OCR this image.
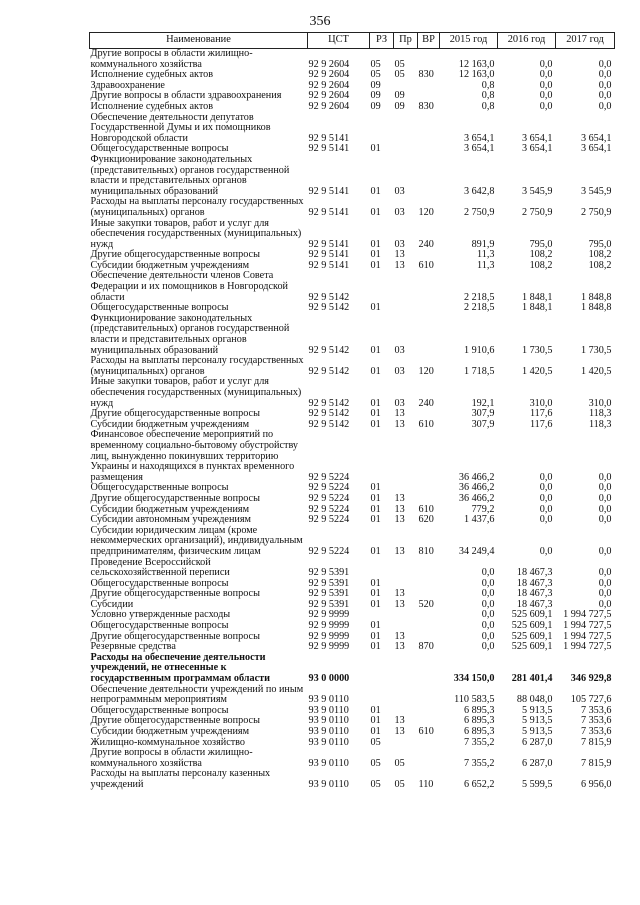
356
Наименование	ЦСТ	РЗ	Пр	ВР	2015 год	2016 год	2017 год
Другие вопросы в области жилищно-коммунального хозяйства	92 9 2604	05	05		12 163,0	0,0	0,0
Исполнение судебных актов	92 9 2604	05	05	830	12 163,0	0,0	0,0
Здравоохранение	92 9 2604	09			0,8	0,0	0,0
Другие вопросы в области здравоохранения	92 9 2604	09	09		0,8	0,0	0,0
Исполнение судебных актов	92 9 2604	09	09	830	0,8	0,0	0,0
Обеспечение деятельности депутатов Государственной Думы и их помощников Новгородской области	92 9 5141				3 654,1	3 654,1	3 654,1
Общегосударственные вопросы	92 9 5141	01			3 654,1	3 654,1	3 654,1
Функционирование законодательных (представительных) органов государственной власти и представительных органов муниципальных образований	92 9 5141	01	03		3 642,8	3 545,9	3 545,9
Расходы на выплаты персоналу государственных (муниципальных) органов	92 9 5141	01	03	120	2 750,9	2 750,9	2 750,9
Иные закупки товаров, работ и услуг для обеспечения государственных (муниципальных) нужд	92 9 5141	01	03	240	891,9	795,0	795,0
Другие общегосударственные вопросы	92 9 5141	01	13		11,3	108,2	108,2
Субсидии бюджетным учреждениям	92 9 5141	01	13	610	11,3	108,2	108,2
Обеспечение деятельности членов Совета Федерации и их помощников в Новгородской области	92 9 5142				2 218,5	1 848,1	1 848,8
Общегосударственные вопросы	92 9 5142	01			2 218,5	1 848,1	1 848,8
Функционирование законодательных (представительных) органов государственной власти и представительных органов муниципальных образований	92 9 5142	01	03		1 910,6	1 730,5	1 730,5
Расходы на выплаты персоналу государственных (муниципальных) органов	92 9 5142	01	03	120	1 718,5	1 420,5	1 420,5
Иные закупки товаров, работ и услуг для обеспечения государственных (муниципальных) нужд	92 9 5142	01	03	240	192,1	310,0	310,0
Другие общегосударственные вопросы	92 9 5142	01	13		307,9	117,6	118,3
Субсидии бюджетным учреждениям	92 9 5142	01	13	610	307,9	117,6	118,3
Финансовое обеспечение мероприятий по временному социально-бытовому обустройству лиц, вынужденно покинувших территорию Украины и находящихся в пунктах временного размещения	92 9 5224				36 466,2	0,0	0,0
Общегосударственные вопросы	92 9 5224	01			36 466,2	0,0	0,0
Другие общегосударственные вопросы	92 9 5224	01	13		36 466,2	0,0	0,0
Субсидии бюджетным учреждениям	92 9 5224	01	13	610	779,2	0,0	0,0
Субсидии автономным учреждениям	92 9 5224	01	13	620	1 437,6	0,0	0,0
Субсидии юридическим лицам (кроме некоммерческих организаций), индивидуальным предпринимателям, физическим лицам	92 9 5224	01	13	810	34 249,4	0,0	0,0
Проведение Всероссийской сельскохозяйственной переписи	92 9 5391				0,0	18 467,3	0,0
Общегосударственные вопросы	92 9 5391	01			0,0	18 467,3	0,0
Другие общегосударственные вопросы	92 9 5391	01	13		0,0	18 467,3	0,0
Субсидии	92 9 5391	01	13	520	0,0	18 467,3	0,0
Условно утвержденные расходы	92 9 9999				0,0	525 609,1	1 994 727,5
Общегосударственные вопросы	92 9 9999	01			0,0	525 609,1	1 994 727,5
Другие общегосударственные вопросы	92 9 9999	01	13		0,0	525 609,1	1 994 727,5
Резервные средства	92 9 9999	01	13	870	0,0	525 609,1	1 994 727,5
Расходы на обеспечение деятельности учреждений, не отнесенные к государственным программам области	93 0 0000				334 150,0	281 401,4	346 929,8
Обеспечение деятельности учреждений по иным непрограммным мероприятиям	93 9 0110				110 583,5	88 048,0	105 727,6
Общегосударственные вопросы	93 9 0110	01			6 895,3	5 913,5	7 353,6
Другие общегосударственные вопросы	93 9 0110	01	13		6 895,3	5 913,5	7 353,6
Субсидии бюджетным учреждениям	93 9 0110	01	13	610	6 895,3	5 913,5	7 353,6
Жилищно-коммунальное хозяйство	93 9 0110	05			7 355,2	6 287,0	7 815,9
Другие вопросы в области жилищно-коммунального хозяйства	93 9 0110	05	05		7 355,2	6 287,0	7 815,9
Расходы на выплаты персоналу казенных учреждений	93 9 0110	05	05	110	6 652,2	5 599,5	6 956,0
